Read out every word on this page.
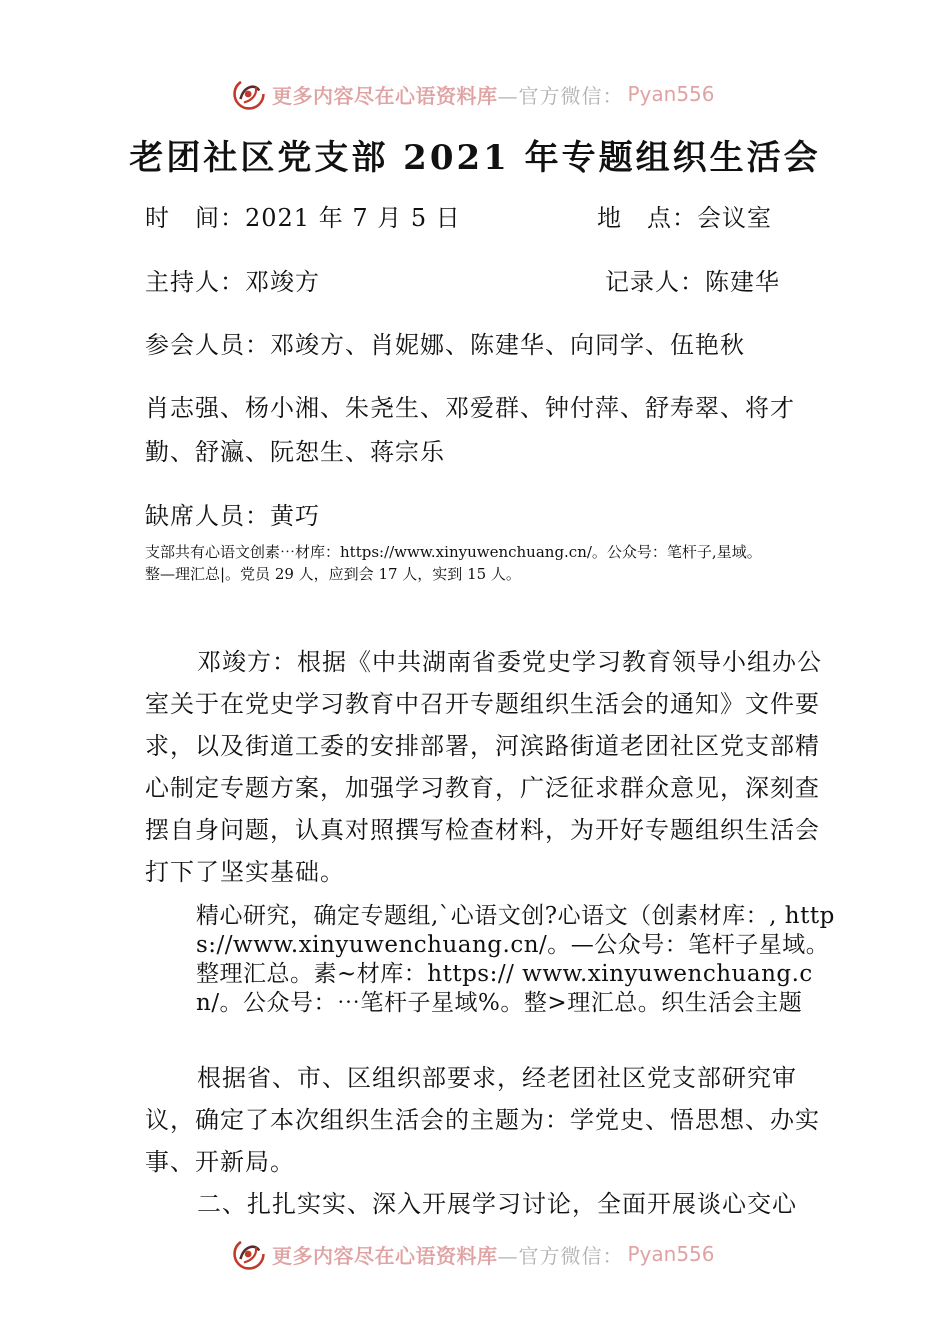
更多内容尽在心语资料库 —官方微信： Pyan556
老团社区党支部 2021 年专题组织生活会
时　间：2021 年 7 月 5 日	地　点：会议室
主持人：邓竣方	记录人：陈建华
参会人员：邓竣方、肖妮娜、陈建华、向同学、伍艳秋
肖志强、杨小湘、朱尧生、邓爱群、钟付萍、舒寿翠、将才
勤、舒瀛、阮恕生、蒋宗乐
缺席人员：黄巧
支部共有心语文创素⋯材库：https://www.xinyuwenchuang.cn/。公众号：笔杆子,星域。
整—理汇总|。党员 29 人，应到会 17 人，实到 15 人。

邓竣方：根据《中共湖南省委党史学习教育领导小组办公室关于在党史学习教育中召开专题组织生活会的通知》文件要求，以及街道工委的安排部署，河滨路街道老团社区党支部精心制定专题方案，加强学习教育，广泛征求群众意见，深刻查摆自身问题，认真对照撰写检查材料，为开好专题组织生活会打下了坚实基础。

精心研究，确定专题组,`心语文创?心语文（创素材库：, https://www.xinyuwenchuang.cn/。—公众号：笔杆子星域。整理汇总。素~材库：https:// www.xinyuwenchuang.cn/。公众号：⋯笔杆子星域%。整>理汇总。织生活会主题

根据省、市、区组织部要求，经老团社区党支部研究审议，确定了本次组织生活会的主题为：学党史、悟思想、办实事、开新局。

二、扎扎实实、深入开展学习讨论，全面开展谈心交心

更多内容尽在心语资料库 —官方微信： Pyan556
